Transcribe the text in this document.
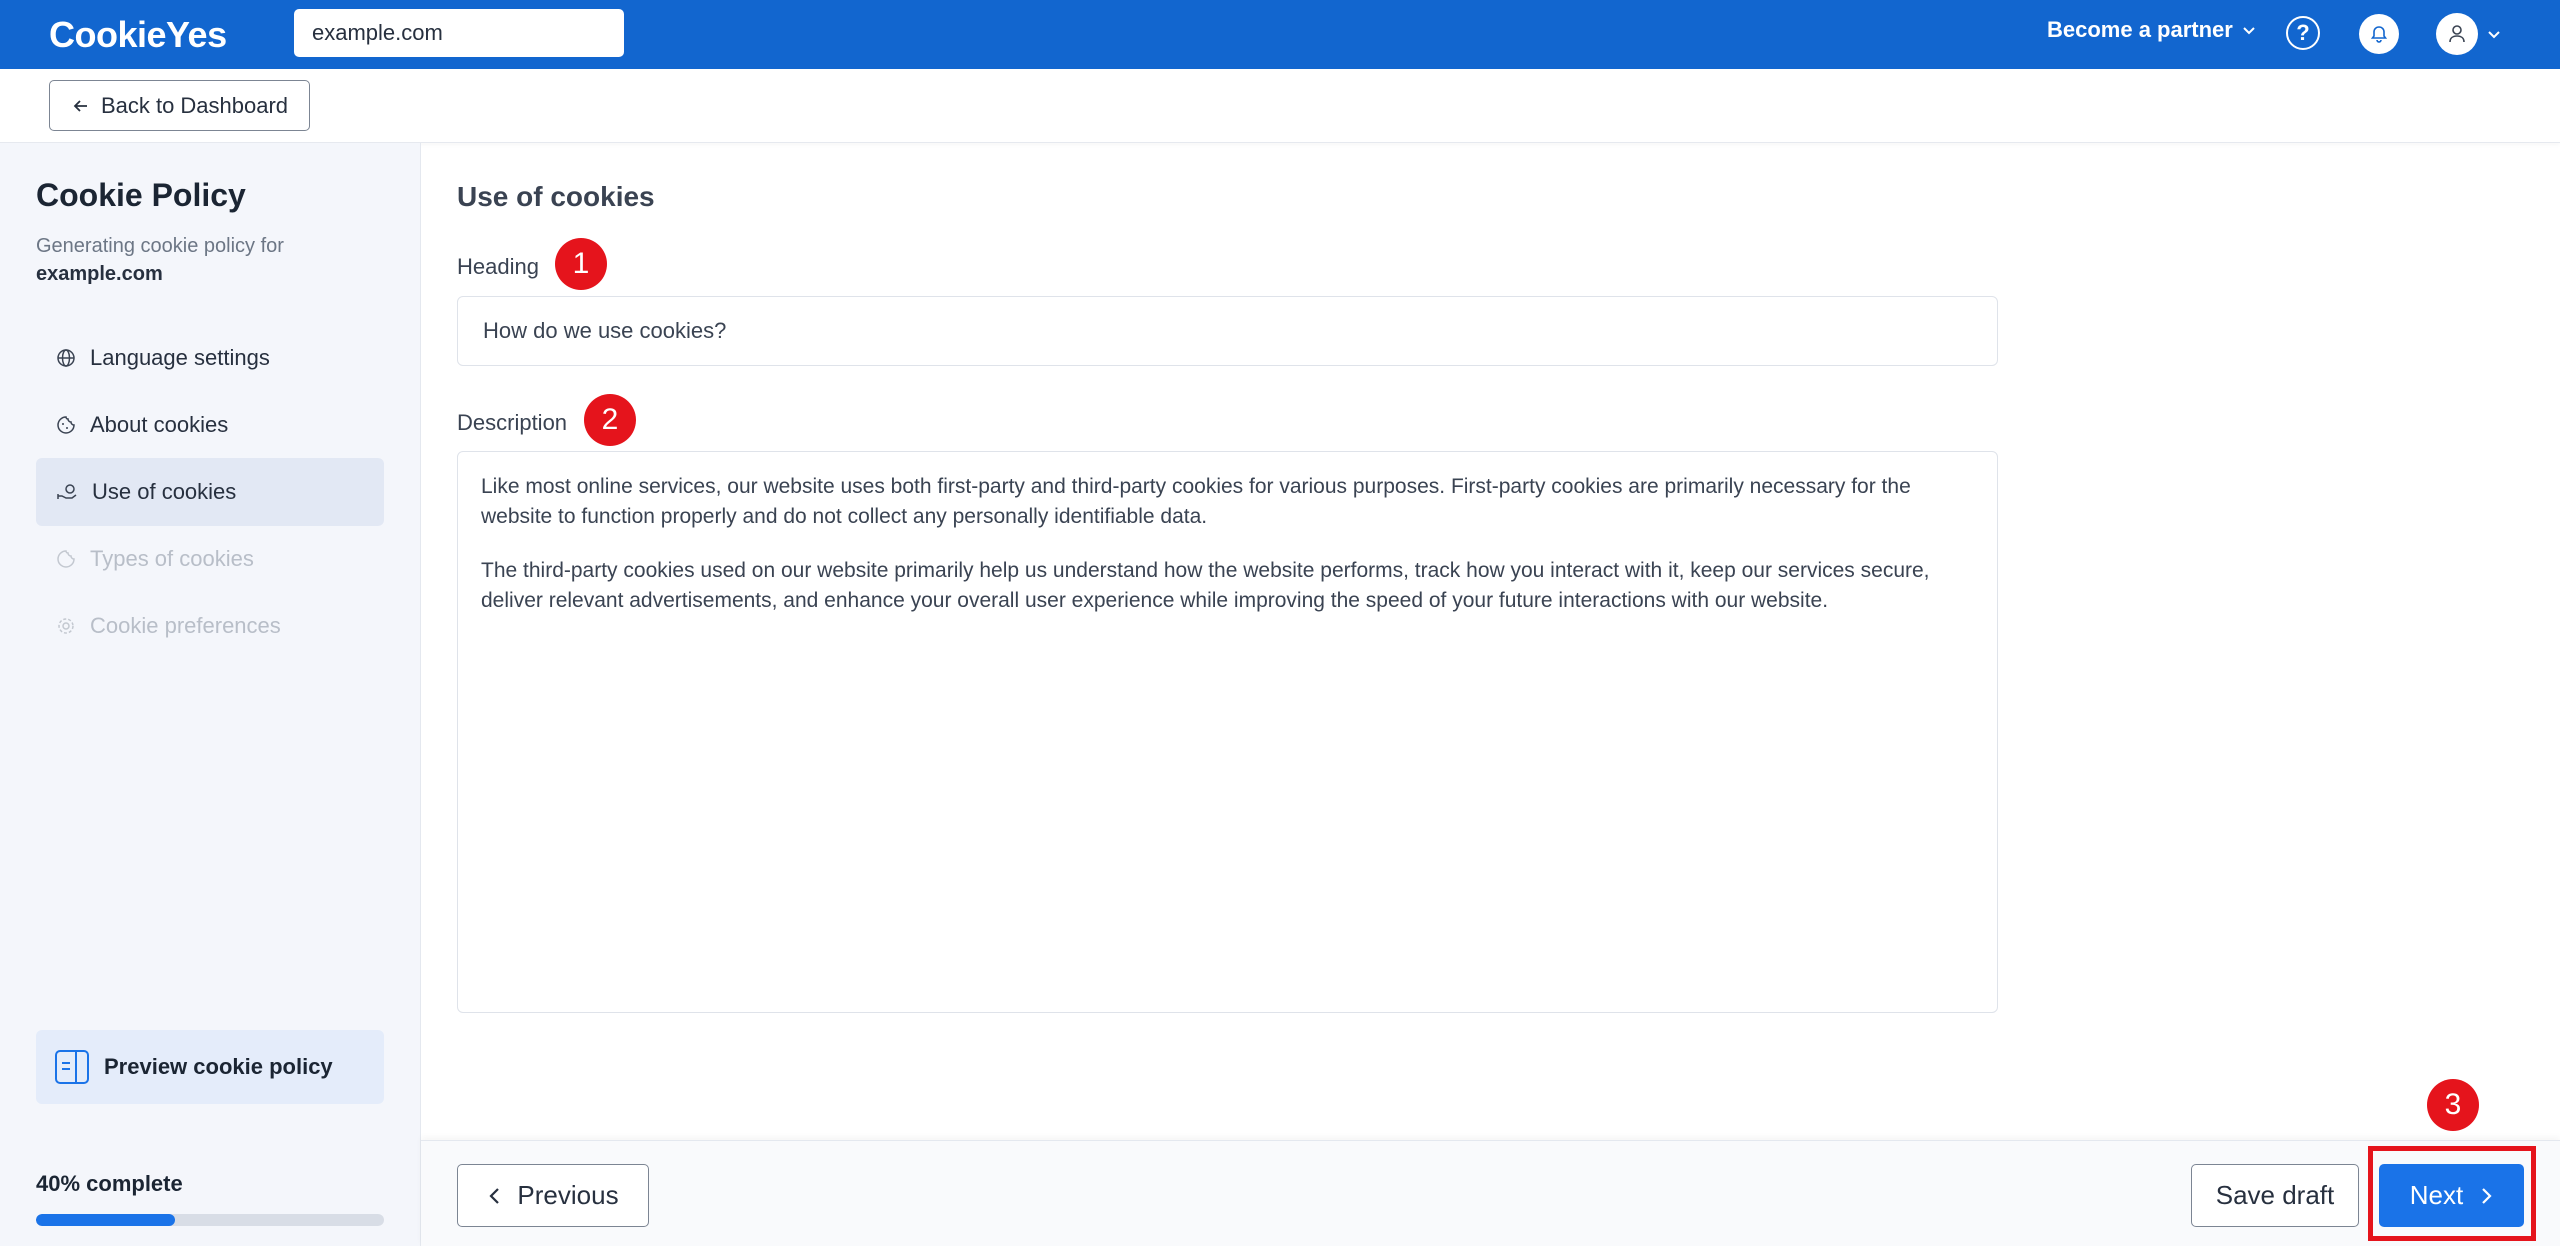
CookieYes
example.com	Become a partner	?
Back to Dashboard
Cookie Policy
Generating cookie policy for
example.com
Language settings
About cookies
Use of cookies
Types of cookies
Cookie preferences
Preview cookie policy
40% complete
Use of cookies
Heading	1
How do we use cookies?
Description	2

Like most online services, our website uses both first-party and third-party cookies for various purposes. First-party cookies are primarily necessary for the website to function properly and do not collect any personally identifiable data.

The third-party cookies used on our website primarily help us understand how the website performs, track how you interact with it, keep our services secure, deliver relevant advertisements, and enhance your overall user experience while improving the speed of your future interactions with our website.

3
Previous	Save draft	Next
